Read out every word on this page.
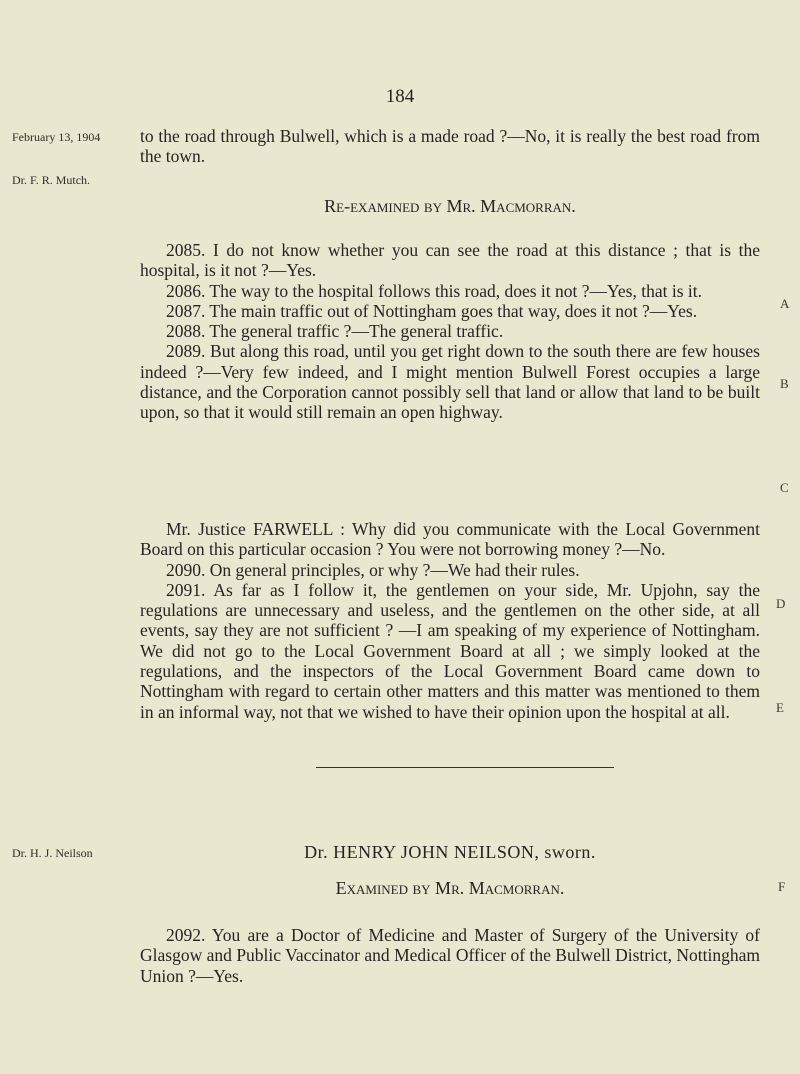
184
February 13, 1904
Dr. F. R. Mutch.
Dr. H. J. Neilson
A
B
C
D
E
F

to the road through Bulwell, which is a made road ?—No, it is really the best road from the town.

Re-examined by Mr. Macmorran.

2085. I do not know whether you can see the road at this distance ; that is the hospital, is it not ?—Yes.

2086. The way to the hospital follows this road, does it not ?—Yes, that is it.

2087. The main traffic out of Nottingham goes that way, does it not ?—Yes.

2088. The general traffic ?—The general traffic.

2089. But along this road, until you get right down to the south there are few houses indeed ?—Very few indeed, and I might mention Bulwell Forest occupies a large distance, and the Corporation cannot possibly sell that land or allow that land to be built upon, so that it would still remain an open highway.

Mr. Justice FARWELL : Why did you communicate with the Local Government Board on this particular occasion ? You were not borrowing money ?—No.

2090. On general principles, or why ?—We had their rules.

2091. As far as I follow it, the gentlemen on your side, Mr. Upjohn, say the regulations are unnecessary and useless, and the gentlemen on the other side, at all events, say they are not sufficient ? —I am speaking of my experience of Nottingham. We did not go to the Local Government Board at all ; we simply looked at the regulations, and the inspectors of the Local Government Board came down to Nottingham with regard to certain other matters and this matter was mentioned to them in an informal way, not that we wished to have their opinion upon the hospital at all.

Dr. HENRY JOHN NEILSON, sworn.
Examined by Mr. Macmorran.

2092. You are a Doctor of Medicine and Master of Surgery of the University of Glasgow and Public Vaccinator and Medical Officer of the Bulwell District, Nottingham Union ?—Yes.
